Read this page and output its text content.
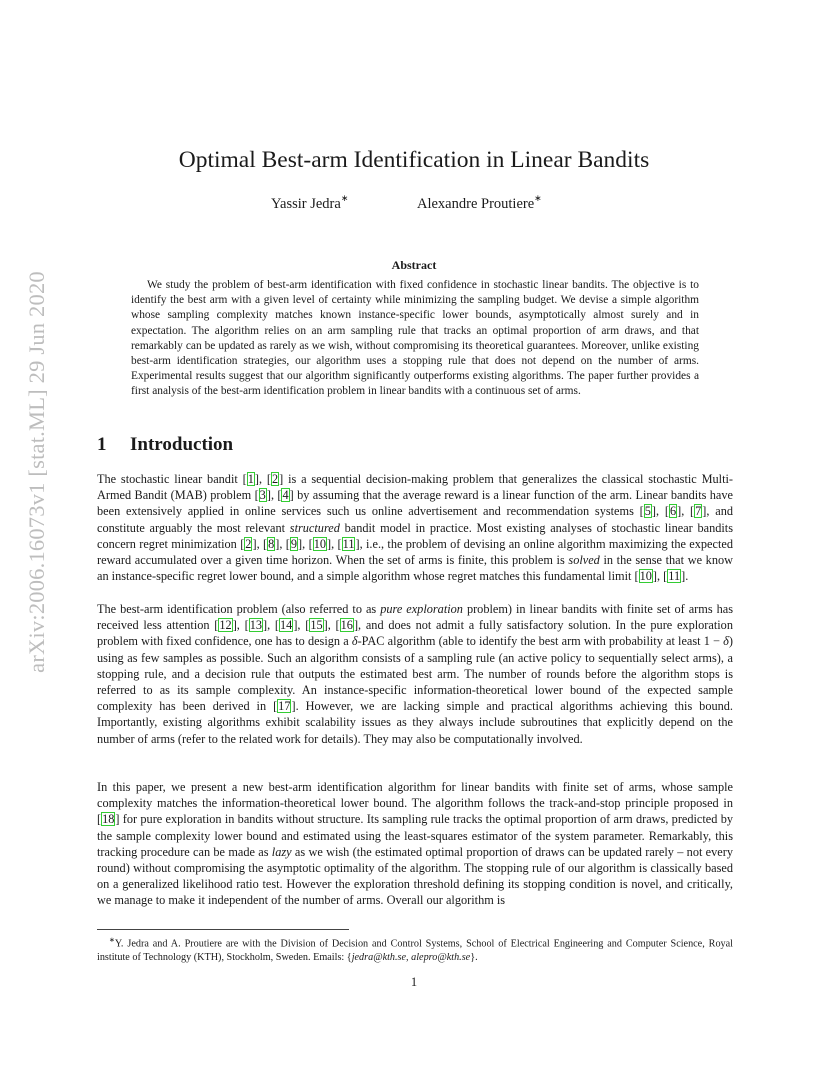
arXiv:2006.16073v1 [stat.ML] 29 Jun 2020
Optimal Best-arm Identification in Linear Bandits
Yassir Jedra∗	Alexandre Proutiere∗
Abstract

We study the problem of best-arm identification with fixed confidence in stochastic linear bandits. The objective is to identify the best arm with a given level of certainty while minimizing the sampling budget. We devise a simple algorithm whose sampling complexity matches known instance-specific lower bounds, asymptotically almost surely and in expectation. The algorithm relies on an arm sampling rule that tracks an optimal proportion of arm draws, and that remarkably can be updated as rarely as we wish, without compromising its theoretical guarantees. Moreover, unlike existing best-arm identification strategies, our algorithm uses a stopping rule that does not depend on the number of arms. Experimental results suggest that our algorithm significantly outperforms existing algorithms. The paper further provides a first analysis of the best-arm identification problem in linear bandits with a continuous set of arms.

1 Introduction

The stochastic linear bandit [1], [2] is a sequential decision-making problem that generalizes the classical stochastic Multi-Armed Bandit (MAB) problem [3], [4] by assuming that the average reward is a linear function of the arm. Linear bandits have been extensively applied in online services such us online advertisement and recommendation systems [5], [6], [7], and constitute arguably the most relevant structured bandit model in practice. Most existing analyses of stochastic linear bandits concern regret minimization [2], [8], [9], [10], [11], i.e., the problem of devising an online algorithm maximizing the expected reward accumulated over a given time horizon. When the set of arms is finite, this problem is solved in the sense that we know an instance-specific regret lower bound, and a simple algorithm whose regret matches this fundamental limit [10], [11].

The best-arm identification problem (also referred to as pure exploration problem) in linear bandits with finite set of arms has received less attention [12], [13], [14], [15], [16], and does not admit a fully satisfactory solution. In the pure exploration problem with fixed confidence, one has to design a δ-PAC algorithm (able to identify the best arm with probability at least 1 − δ) using as few samples as possible. Such an algorithm consists of a sampling rule (an active policy to sequentially select arms), a stopping rule, and a decision rule that outputs the estimated best arm. The number of rounds before the algorithm stops is referred to as its sample complexity. An instance-specific information-theoretical lower bound of the expected sample complexity has been derived in [17]. However, we are lacking simple and practical algorithms achieving this bound. Importantly, existing algorithms exhibit scalability issues as they always include subroutines that explicitly depend on the number of arms (refer to the related work for details). They may also be computationally involved.

In this paper, we present a new best-arm identification algorithm for linear bandits with finite set of arms, whose sample complexity matches the information-theoretical lower bound. The algorithm follows the track-and-stop principle proposed in [18] for pure exploration in bandits without structure. Its sampling rule tracks the optimal proportion of arm draws, predicted by the sample complexity lower bound and estimated using the least-squares estimator of the system parameter. Remarkably, this tracking procedure can be made as lazy as we wish (the estimated optimal proportion of draws can be updated rarely – not every round) without compromising the asymptotic optimality of the algorithm. The stopping rule of our algorithm is classically based on a generalized likelihood ratio test. However the exploration threshold defining its stopping condition is novel, and critically, we manage to make it independent of the number of arms. Overall our algorithm is

∗Y. Jedra and A. Proutiere are with the Division of Decision and Control Systems, School of Electrical Engineering and Computer Science, Royal institute of Technology (KTH), Stockholm, Sweden. Emails: {jedra@kth.se, alepro@kth.se}.

1
